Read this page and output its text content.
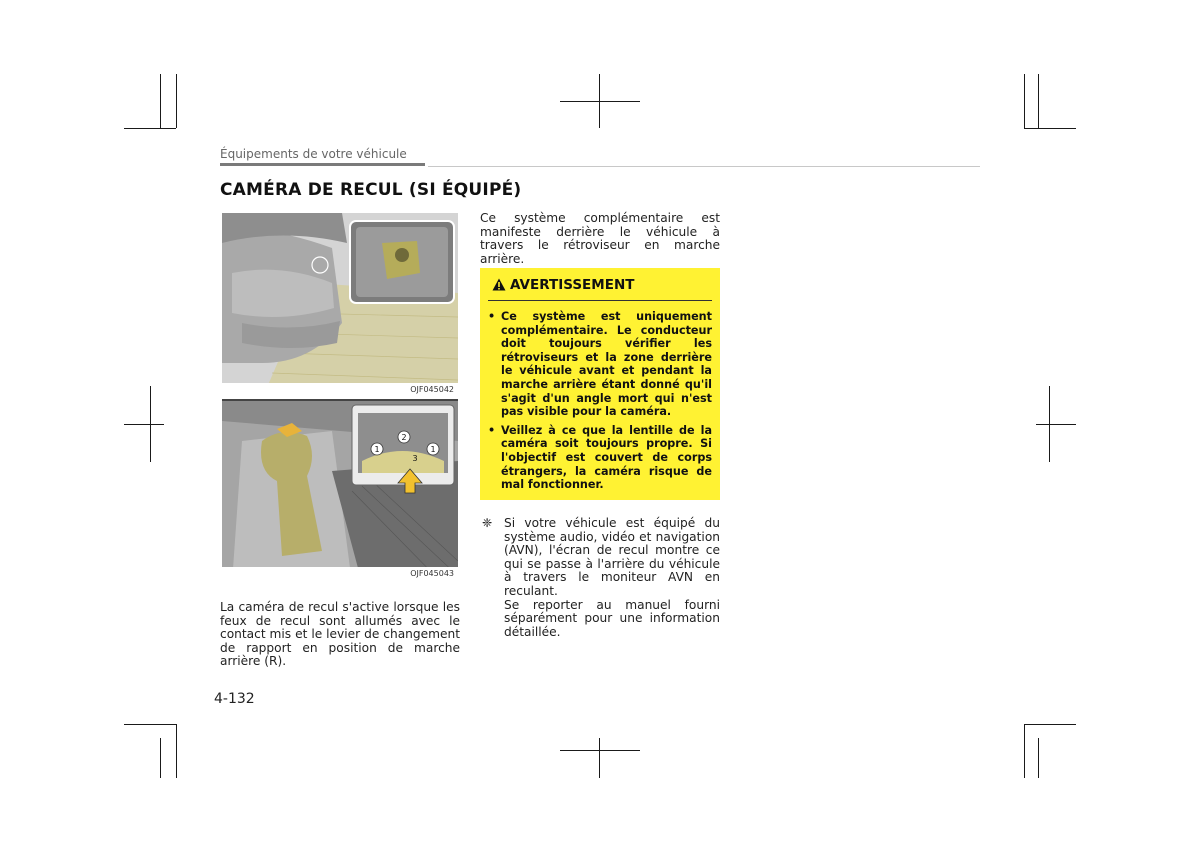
Équipements de votre véhicule
CAMÉRA DE RECUL (SI ÉQUIPÉ)
OJF045042
1
2
1
3
OJF045043
La caméra de recul s'active lorsque les feux de recul sont allumés avec le contact mis et le levier de changement de rapport en position de marche arrière (R).
Ce système complémentaire est manifeste derrière le véhicule à travers le rétroviseur en marche arrière.
AVERTISSEMENT
• Ce système est uniquement complémentaire. Le conducteur doit toujours vérifier les rétroviseurs et la zone derrière le véhicule avant et pendant la marche arrière étant donné qu'il s'agit d'un angle mort qui n'est pas visible pour la caméra.
• Veillez à ce que la lentille de la caméra soit toujours propre. Si l'objectif est couvert de corps étrangers, la caméra risque de mal fonctionner.
❈ Si votre véhicule est équipé du système audio, vidéo et navigation (AVN), l'écran de recul montre ce qui se passe à l'arrière du véhicule à travers le moniteur AVN en reculant.
Se reporter au manuel fourni séparément pour une information détaillée.
4-132
